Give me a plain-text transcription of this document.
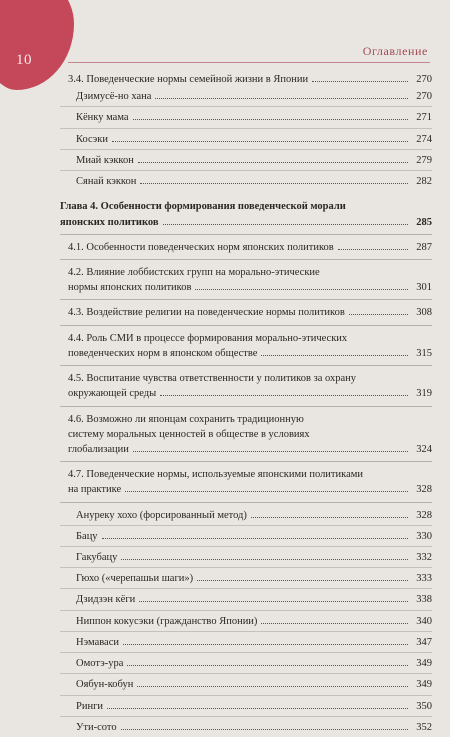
10
Оглавление
3.4. Поведенческие нормы семейной жизни в Японии	270
Дзимусё-но хана	270
Кёнку мама	271
Косэки	274
Миай кэккон	279
Сянай кэккон	282
Глава 4. Особенности формирования поведенческой морали
японских политиков	285
4.1. Особенности поведенческих норм японских политиков	287
4.2. Влияние лоббистских групп на морально-этические
нормы японских политиков	301
4.3. Воздействие религии на поведенческие нормы политиков	308
4.4. Роль СМИ в процессе формирования морально-этических
поведенческих норм в японском обществе	315
4.5. Воспитание чувства ответственности у политиков за охрану
окружающей среды	319
4.6. Возможно ли японцам сохранить традиционную
систему моральных ценностей в обществе в условиях
глобализации	324
4.7. Поведенческие нормы, используемые японскими политиками
на практике	328
Ануреку хохо (форсированный метод)	328
Бацу	330
Гакубацу	332
Гюхо («черепашьи шаги»)	333
Дзидзэн кёги	338
Ниппон кокусэки (гражданство Японии)	340
Нэмаваси	347
Омотэ-ура	349
Оябун-кобун	349
Ринги	350
Ути-сото	352
